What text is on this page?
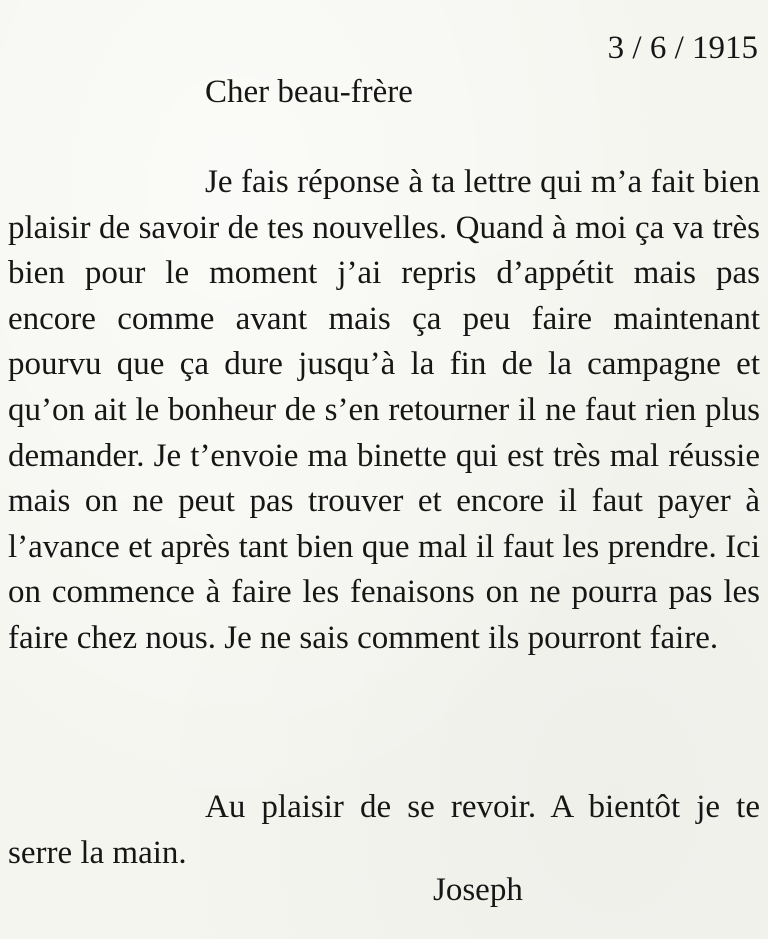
3 / 6 / 1915
Cher beau-frère

Je fais réponse à ta lettre qui m’a fait bien plaisir de savoir de tes nouvelles. Quand à moi ça va très bien pour le moment j’ai repris d’appétit mais pas encore comme avant mais ça peu faire maintenant pourvu que ça dure jusqu’à la fin de la campagne et qu’on ait le bonheur de s’en retourner il ne faut rien plus demander. Je t’envoie ma binette qui est très mal réussie mais on ne peut pas trouver et encore il faut payer à l’avance et après tant bien que mal il faut les prendre. Ici on commence à faire les fenaisons on ne pourra pas les faire chez nous. Je ne sais comment ils pourront faire.

Au plaisir de se revoir. A bientôt je te serre la main.

Joseph
